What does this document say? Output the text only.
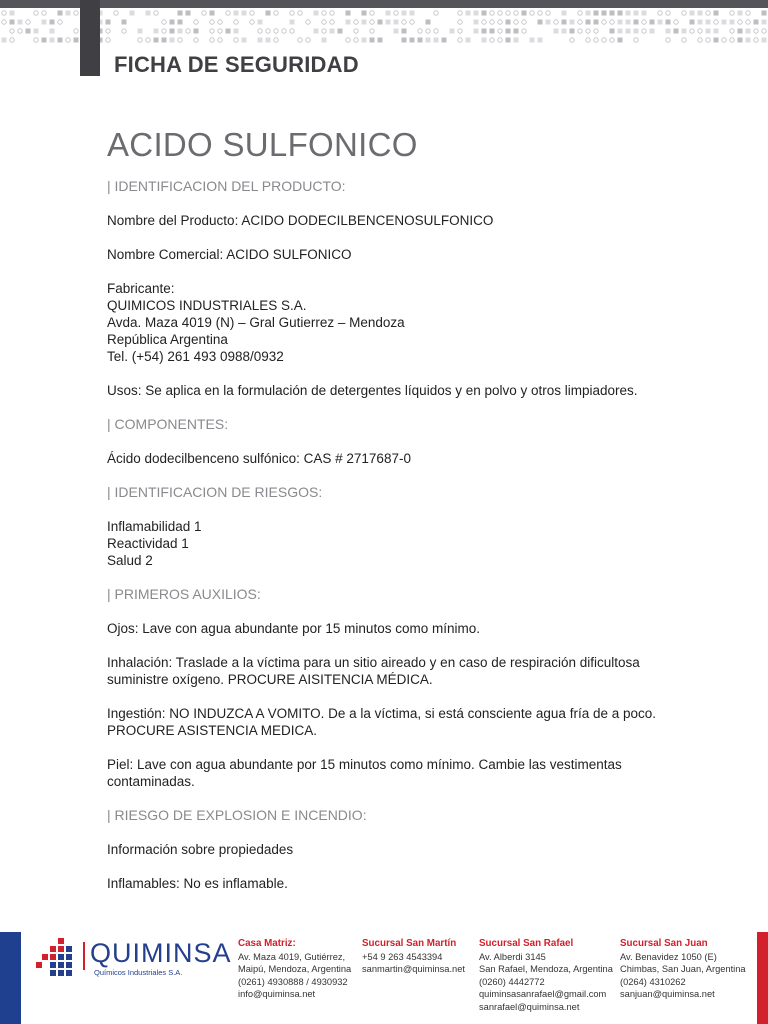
FICHA DE SEGURIDAD
ACIDO SULFONICO
| IDENTIFICACION DEL PRODUCTO:

Nombre del Producto: ACIDO DODECILBENCENOSULFONICO

Nombre Comercial: ACIDO SULFONICO

Fabricante:
QUIMICOS INDUSTRIALES S.A.
Avda. Maza 4019 (N) – Gral Gutierrez – Mendoza
República Argentina
Tel. (+54) 261 493 0988/0932

Usos: Se aplica en la formulación de detergentes líquidos y en polvo y otros limpiadores.

| COMPONENTES:

Ácido dodecilbenceno sulfónico: CAS # 2717687-0

| IDENTIFICACION DE RIESGOS:

Inflamabilidad 1
Reactividad 1
Salud 2

| PRIMEROS AUXILIOS:

Ojos: Lave con agua abundante por 15 minutos como mínimo.

Inhalación: Traslade a la víctima para un sitio aireado y en caso de respiración dificultosa
suministre oxígeno. PROCURE AISITENCIA MÉDICA.

Ingestión: NO INDUZCA A VOMITO. De a la víctima, si está consciente agua fría de a poco.
PROCURE ASISTENCIA MEDICA.

Piel: Lave con agua abundante por 15 minutos como mínimo. Cambie las vestimentas
contaminadas.

| RIESGO DE EXPLOSION E INCENDIO:

Información sobre propiedades

Inflamables: No es inflamable.

QUIMINSA
Químicos Industriales S.A.
Casa Matriz:
Av. Maza 4019, Gutiérrez,
Maipú, Mendoza, Argentina
(0261) 4930888 / 4930932
info@quiminsa.net
Sucursal San Martín
+54 9 263 4543394
sanmartin@quiminsa.net
Sucursal San Rafael
Av. Alberdi 3145
San Rafael, Mendoza, Argentina
(0260) 4442772
quiminsasanrafael@gmail.com
sanrafael@quiminsa.net
Sucursal San Juan
Av. Benavidez 1050 (E)
Chimbas, San Juan, Argentina
(0264) 4310262
sanjuan@quiminsa.net
